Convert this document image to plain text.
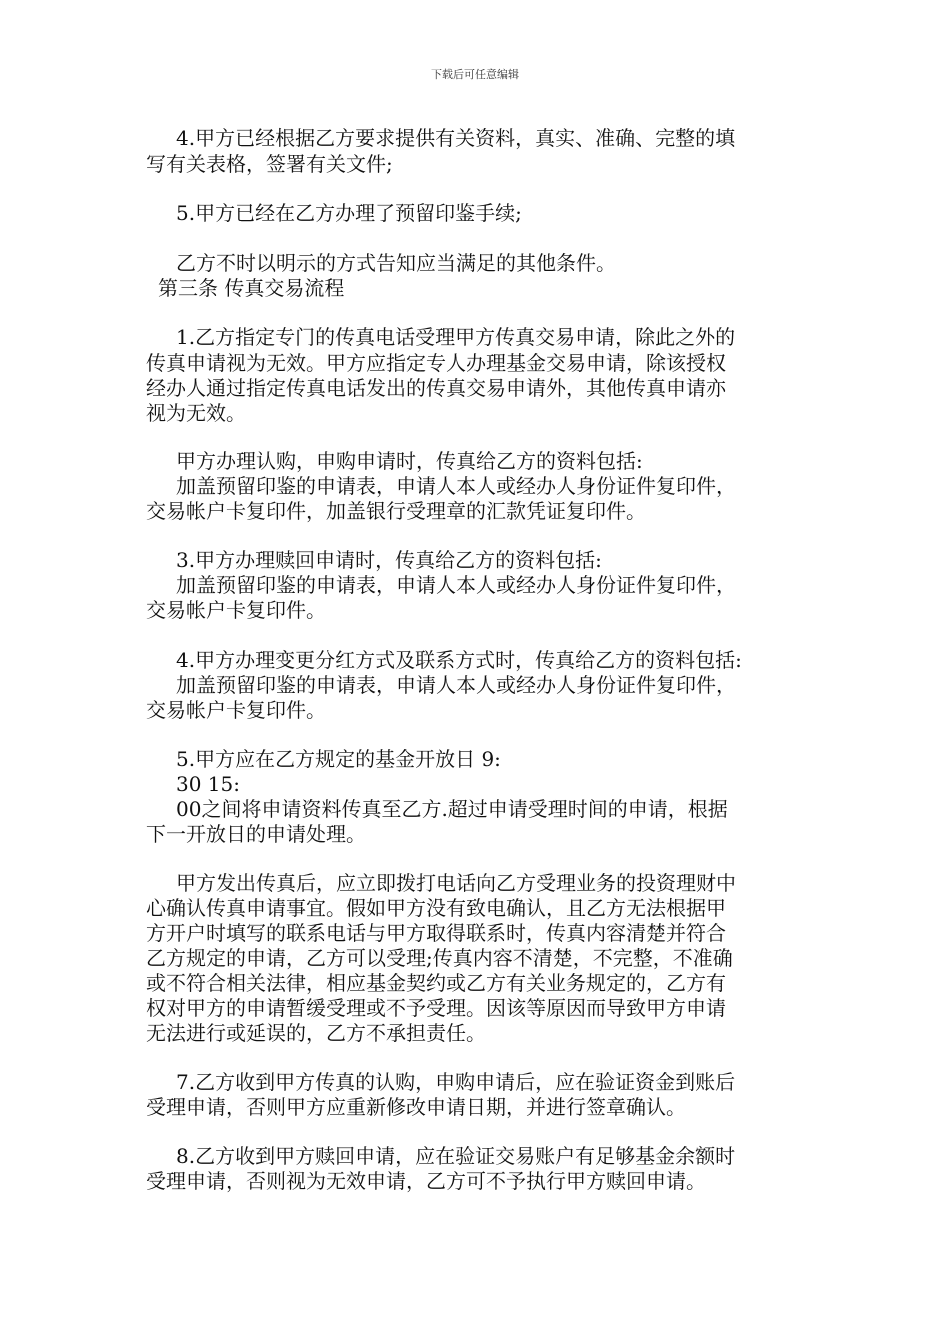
下载后可任意编辑
4.甲方已经根据乙方要求提供有关资料，真实、准确、完整的填
写有关表格，签署有关文件;
5.甲方已经在乙方办理了预留印鉴手续;
乙方不时以明示的方式告知应当满足的其他条件。
第三条 传真交易流程
1.乙方指定专门的传真电话受理甲方传真交易申请，除此之外的
传真申请视为无效。甲方应指定专人办理基金交易申请，除该授权
经办人通过指定传真电话发出的传真交易申请外，其他传真申请亦
视为无效。
甲方办理认购，申购申请时，传真给乙方的资料包括:
加盖预留印鉴的申请表，申请人本人或经办人身份证件复印件，
交易帐户卡复印件，加盖银行受理章的汇款凭证复印件。
3.甲方办理赎回申请时，传真给乙方的资料包括:
加盖预留印鉴的申请表，申请人本人或经办人身份证件复印件，
交易帐户卡复印件。
4.甲方办理变更分红方式及联系方式时，传真给乙方的资料包括:
加盖预留印鉴的申请表，申请人本人或经办人身份证件复印件，
交易帐户卡复印件。
5.甲方应在乙方规定的基金开放日 9:
30 15:
00之间将申请资料传真至乙方.超过申请受理时间的申请，根据
下一开放日的申请处理。
甲方发出传真后，应立即拨打电话向乙方受理业务的投资理财中
心确认传真申请事宜。假如甲方没有致电确认，且乙方无法根据甲
方开户时填写的联系电话与甲方取得联系时，传真内容清楚并符合
乙方规定的申请，乙方可以受理;传真内容不清楚，不完整，不准确
或不符合相关法律，相应基金契约或乙方有关业务规定的，乙方有
权对甲方的申请暂缓受理或不予受理。因该等原因而导致甲方申请
无法进行或延误的，乙方不承担责任。
7.乙方收到甲方传真的认购，申购申请后，应在验证资金到账后
受理申请，否则甲方应重新修改申请日期，并进行签章确认。
8.乙方收到甲方赎回申请，应在验证交易账户有足够基金余额时
受理申请，否则视为无效申请，乙方可不予执行甲方赎回申请。
